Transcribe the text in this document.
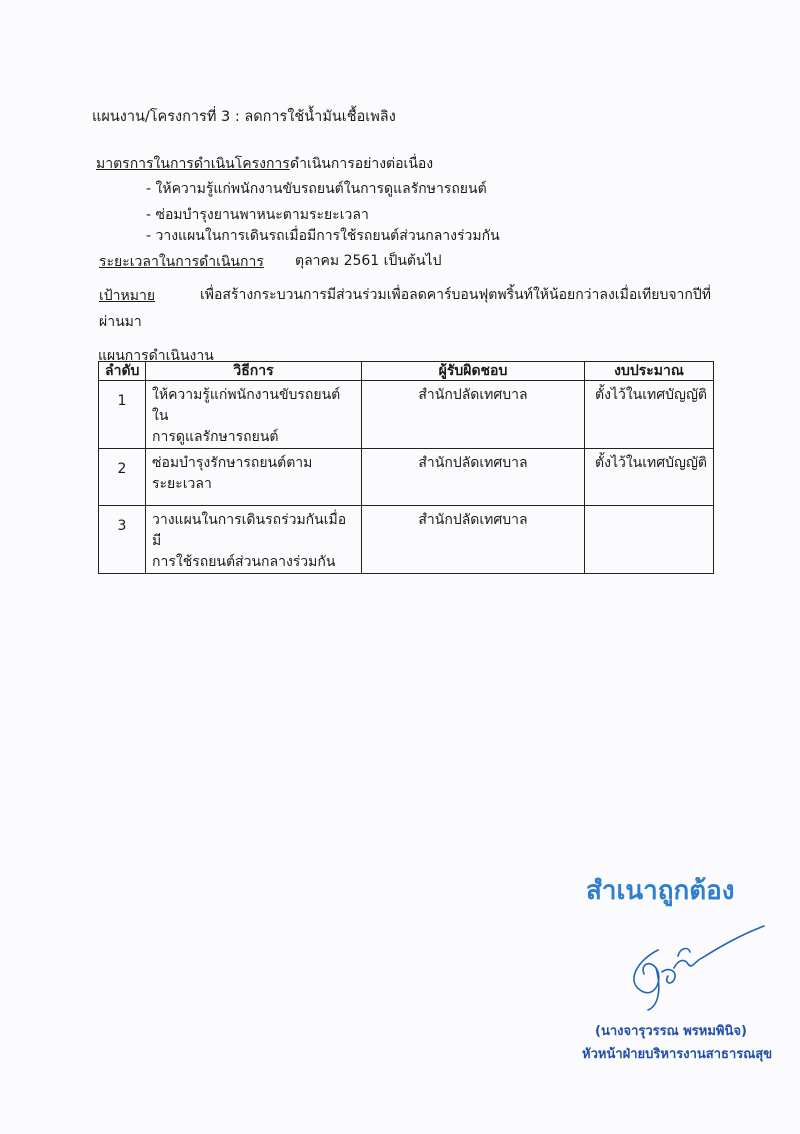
แผนงาน/โครงการที่ 3 : ลดการใช้น้ำมันเชื้อเพลิง
มาตรการในการดำเนินโครงการ ดำเนินการอย่างต่อเนื่อง
- ให้ความรู้แก่พนักงานขับรถยนต์ในการดูแลรักษารถยนต์
- ซ่อมบำรุงยานพาหนะตามระยะเวลา
- วางแผนในการเดินรถเมื่อมีการใช้รถยนต์ส่วนกลางร่วมกัน
ระยะเวลาในการดำเนินการ ตุลาคม 2561 เป็นต้นไป
เป้าหมาย	เพื่อสร้างกระบวนการมีส่วนร่วมเพื่อลดคาร์บอนฟุตพริ้นท์ให้น้อยกว่าลงเมื่อเทียบจากปีที่
ผ่านมา
แผนการดำเนินงาน
ลำดับ	วิธีการ	ผู้รับผิดชอบ	งบประมาณ
1	ให้ความรู้แก่พนักงานขับรถยนต์ใน
การดูแลรักษารถยนต์	สำนักปลัดเทศบาล	ตั้งไว้ในเทศบัญญัติ
2	ซ่อมบำรุงรักษารถยนต์ตาม
ระยะเวลา	สำนักปลัดเทศบาล	ตั้งไว้ในเทศบัญญัติ
3	วางแผนในการเดินรถร่วมกันเมื่อมี
การใช้รถยนต์ส่วนกลางร่วมกัน	สำนักปลัดเทศบาล	
สำเนาถูกต้อง
(นางจารุวรรณ พรหมพินิจ)
หัวหน้าฝ่ายบริหารงานสาธารณสุข
